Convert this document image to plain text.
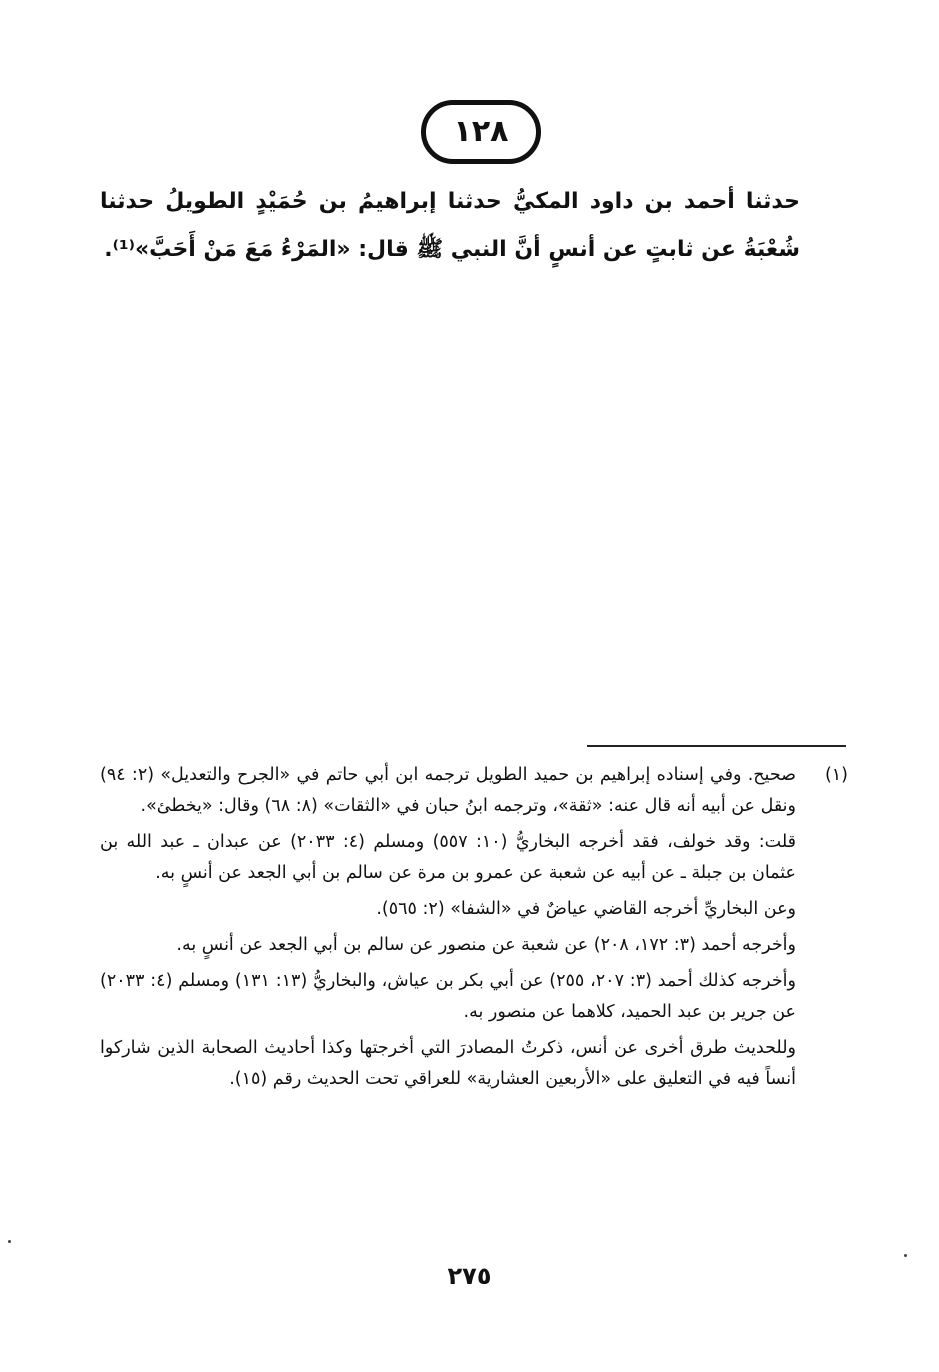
١٢٨
حدثنا أحمد بن داود المكيُّ حدثنا إبراهيمُ بن حُمَيْدٍ الطويلُ حدثنا شُعْبَةُ عن ثابتٍ عن أنسٍ أنَّ النبي ﷺ قال: «المَرْءُ مَعَ مَنْ أَحَبَّ»⁽¹⁾.
(١)

صحيح. وفي إسناده إبراهيم بن حميد الطويل ترجمه ابن أبي حاتم في «الجرح والتعديل» (٢: ٩٤) ونقل عن أبيه أنه قال عنه: «ثقة»، وترجمه ابنُ حبان في «الثقات» (٨: ٦٨) وقال: «يخطئ».

قلت: وقد خولف، فقد أخرجه البخاريُّ (١٠: ٥٥٧) ومسلم (٤: ٢٠٣٣) عن عبدان ـ عبد الله بن عثمان بن جبلة ـ عن أبيه عن شعبة عن عمرو بن مرة عن سالم بن أبي الجعد عن أنسٍ به.

وعن البخاريِّ أخرجه القاضي عياضٌ في «الشفا» (٢: ٥٦٥).

وأخرجه أحمد (٣: ١٧٢، ٢٠٨) عن شعبة عن منصور عن سالم بن أبي الجعد عن أنسٍ به.

وأخرجه كذلك أحمد (٣: ٢٠٧، ٢٥٥) عن أبي بكر بن عياش، والبخاريُّ (١٣: ١٣١) ومسلم (٤: ٢٠٣٣) عن جرير بن عبد الحميد، كلاهما عن منصور به.

وللحديث طرق أخرى عن أنس، ذكرتُ المصادرَ التي أخرجتها وكذا أحاديث الصحابة الذين شاركوا أنساً فيه في التعليق على «الأربعين العشارية» للعراقي تحت الحديث رقم (١٥).

٢٧٥
